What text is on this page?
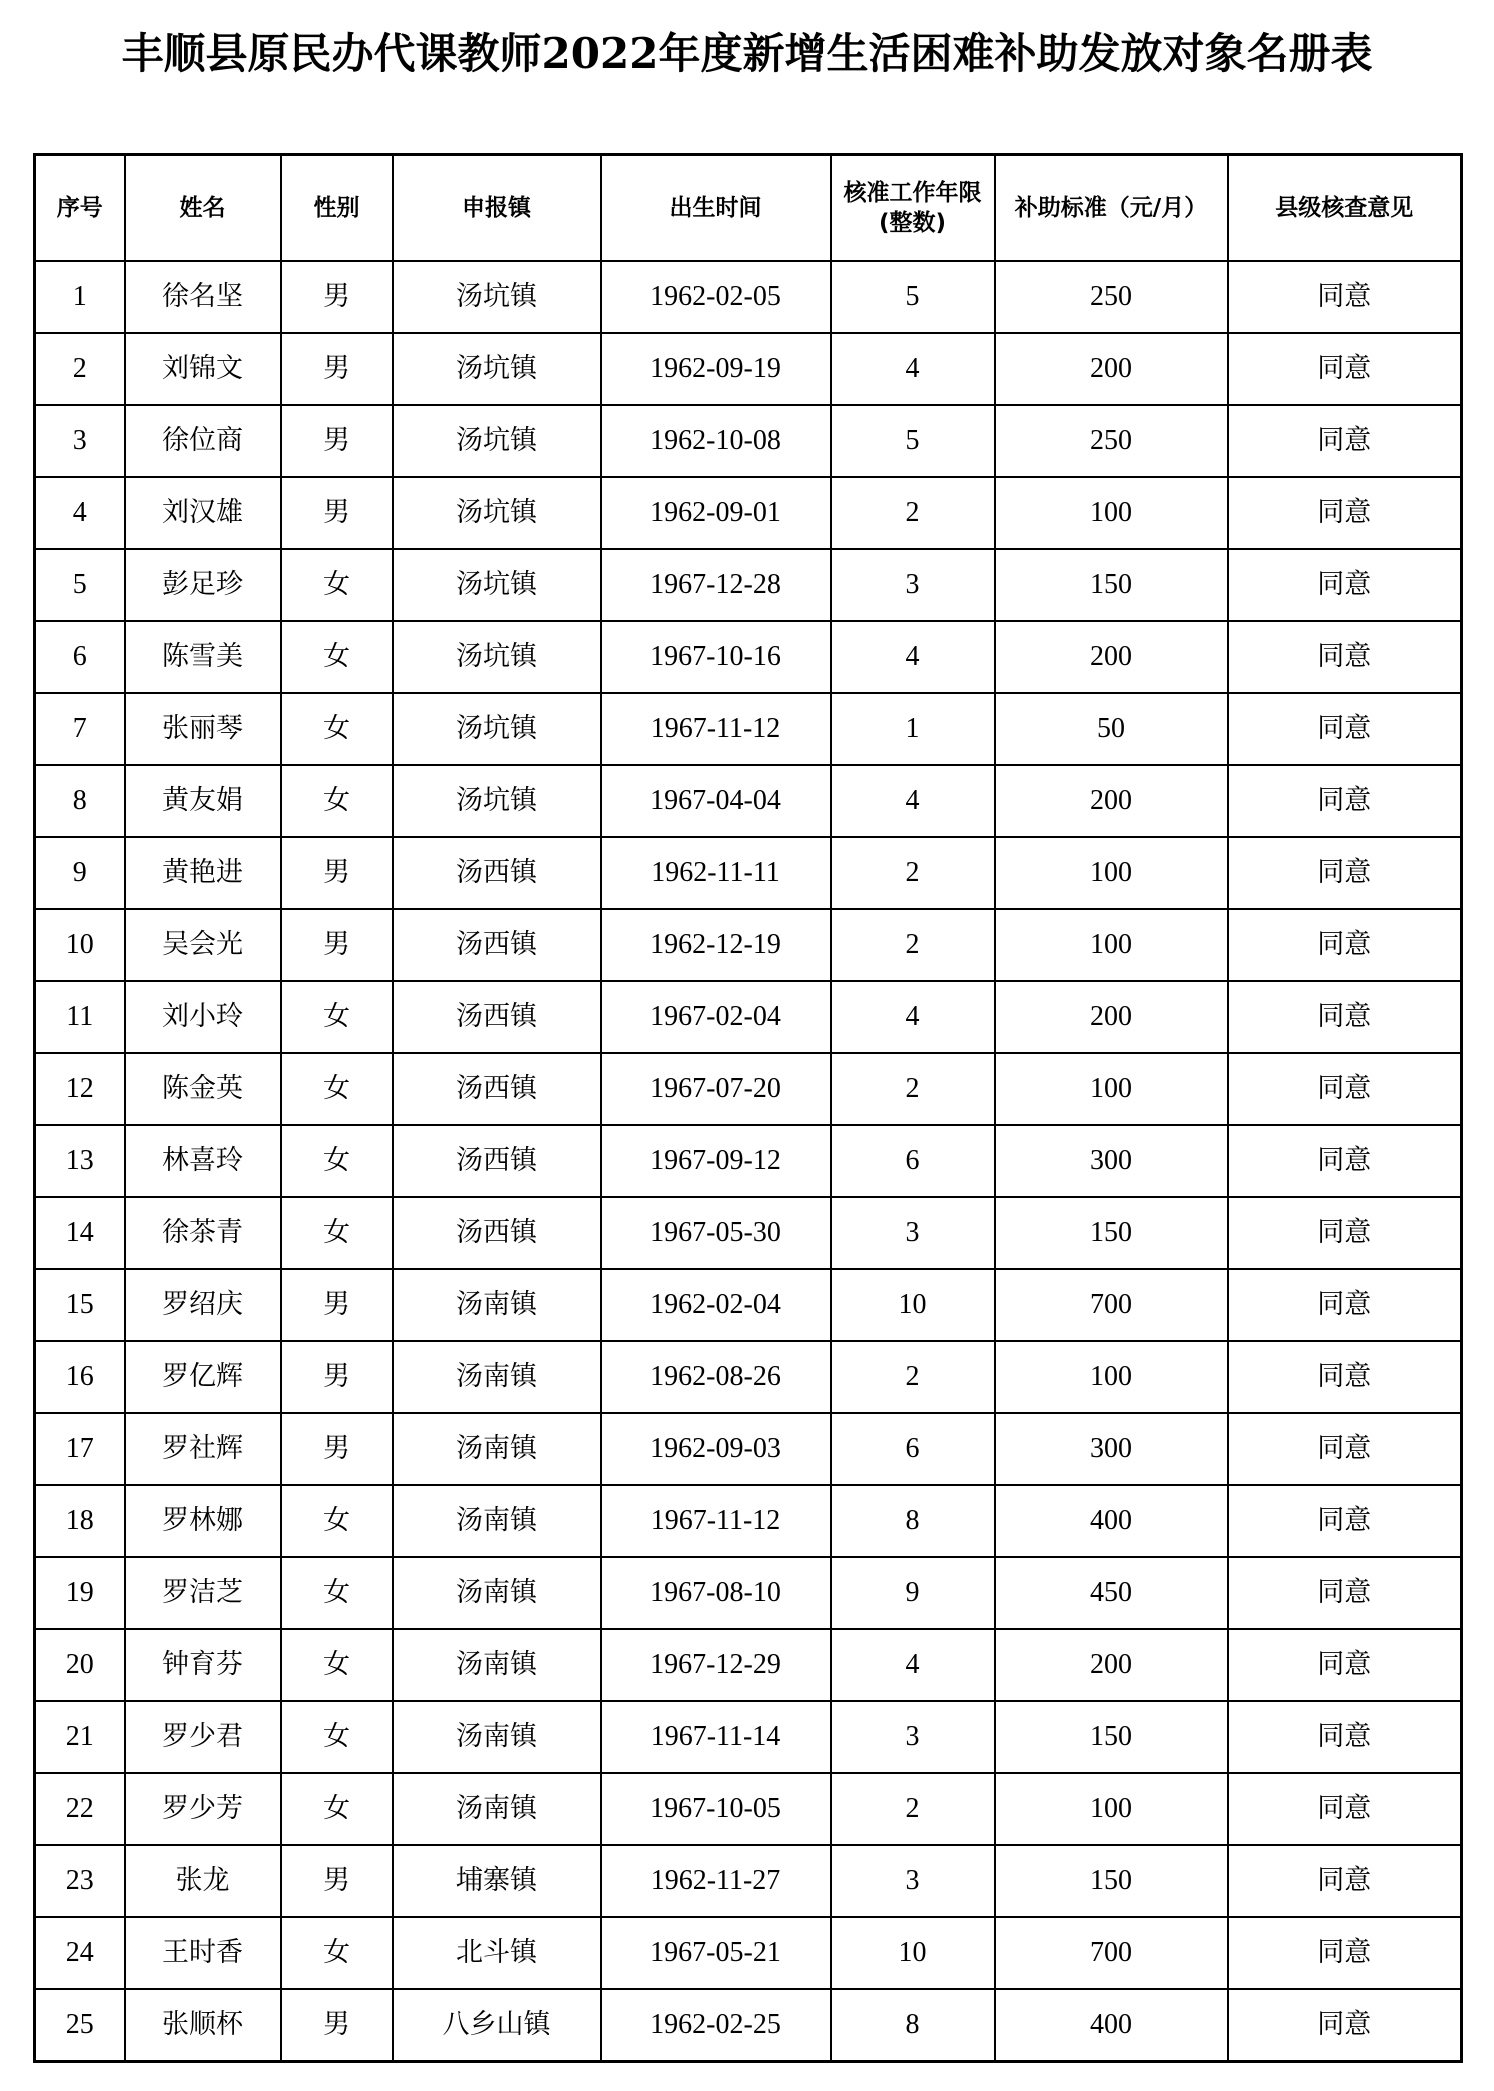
丰顺县原民办代课教师2022年度新增生活困难补助发放对象名册表
序号	姓名	性别	申报镇	出生时间	核准工作年限(整数)	补助标准（元/月）	县级核查意见
1	徐名坚	男	汤坑镇	1962-02-05	5	250	同意
2	刘锦文	男	汤坑镇	1962-09-19	4	200	同意
3	徐位商	男	汤坑镇	1962-10-08	5	250	同意
4	刘汉雄	男	汤坑镇	1962-09-01	2	100	同意
5	彭足珍	女	汤坑镇	1967-12-28	3	150	同意
6	陈雪美	女	汤坑镇	1967-10-16	4	200	同意
7	张丽琴	女	汤坑镇	1967-11-12	1	50	同意
8	黄友娟	女	汤坑镇	1967-04-04	4	200	同意
9	黄艳进	男	汤西镇	1962-11-11	2	100	同意
10	吴会光	男	汤西镇	1962-12-19	2	100	同意
11	刘小玲	女	汤西镇	1967-02-04	4	200	同意
12	陈金英	女	汤西镇	1967-07-20	2	100	同意
13	林喜玲	女	汤西镇	1967-09-12	6	300	同意
14	徐茶青	女	汤西镇	1967-05-30	3	150	同意
15	罗绍庆	男	汤南镇	1962-02-04	10	700	同意
16	罗亿辉	男	汤南镇	1962-08-26	2	100	同意
17	罗社辉	男	汤南镇	1962-09-03	6	300	同意
18	罗林娜	女	汤南镇	1967-11-12	8	400	同意
19	罗洁芝	女	汤南镇	1967-08-10	9	450	同意
20	钟育芬	女	汤南镇	1967-12-29	4	200	同意
21	罗少君	女	汤南镇	1967-11-14	3	150	同意
22	罗少芳	女	汤南镇	1967-10-05	2	100	同意
23	张龙	男	埔寨镇	1962-11-27	3	150	同意
24	王时香	女	北斗镇	1967-05-21	10	700	同意
25	张顺杯	男	八乡山镇	1962-02-25	8	400	同意
